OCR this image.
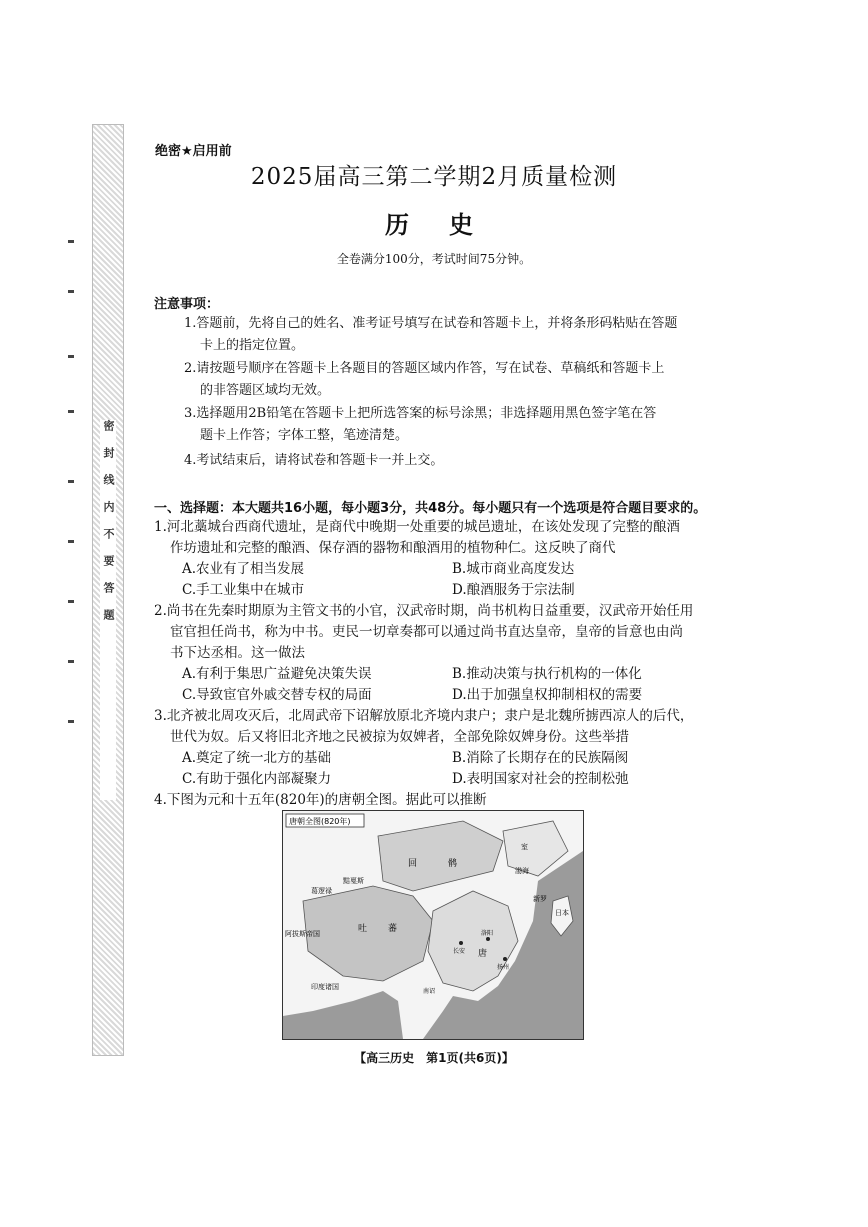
密封线内不要答题
绝密★启用前
2025届高三第二学期2月质量检测
历史
全卷满分100分，考试时间75分钟。
注意事项：
1.答题前，先将自己的姓名、准考证号填写在试卷和答题卡上，并将条形码粘贴在答题
卡上的指定位置。
2.请按题号顺序在答题卡上各题目的答题区域内作答，写在试卷、草稿纸和答题卡上
的非答题区域均无效。
3.选择题用2B铅笔在答题卡上把所选答案的标号涂黑；非选择题用黑色签字笔在答
题卡上作答；字体工整，笔迹清楚。
4.考试结束后，请将试卷和答题卡一并上交。
一、选择题：本大题共16小题，每小题3分，共48分。每小题只有一个选项是符合题目要求的。
1.河北藁城台西商代遗址，是商代中晚期一处重要的城邑遗址，在该处发现了完整的酿酒
作坊遗址和完整的酿酒、保存酒的器物和酿酒用的植物种仁。这反映了商代
A.农业有了相当发展	B.城市商业高度发达
C.手工业集中在城市	D.酿酒服务于宗法制
2.尚书在先秦时期原为主管文书的小官，汉武帝时期，尚书机构日益重要，汉武帝开始任用
宦官担任尚书，称为中书。吏民一切章奏都可以通过尚书直达皇帝，皇帝的旨意也由尚
书下达丞相。这一做法
A.有利于集思广益避免决策失误	B.推动决策与执行机构的一体化
C.导致宦官外戚交替专权的局面	D.出于加强皇权抑制相权的需要
3.北齐被北周攻灭后，北周武帝下诏解放原北齐境内隶户；隶户是北魏所掳西凉人的后代，
世代为奴。后又将旧北齐地之民被掠为奴婢者，全部免除奴婢身份。这些举措
A.奠定了统一北方的基础	B.消除了长期存在的民族隔阂
C.有助于强化内部凝聚力	D.表明国家对社会的控制松弛
4.下图为元和十五年(820年)的唐朝全图。据此可以推断
唐朝全图(820年)
回	鹘
黠戛斯
葛逻禄
吐 蕃
唐
阿拔斯帝国
印度诸国
室
渤海
新罗
日本
长安
洛阳
扬州
南诏
【高三历史　第1页(共6页)】
